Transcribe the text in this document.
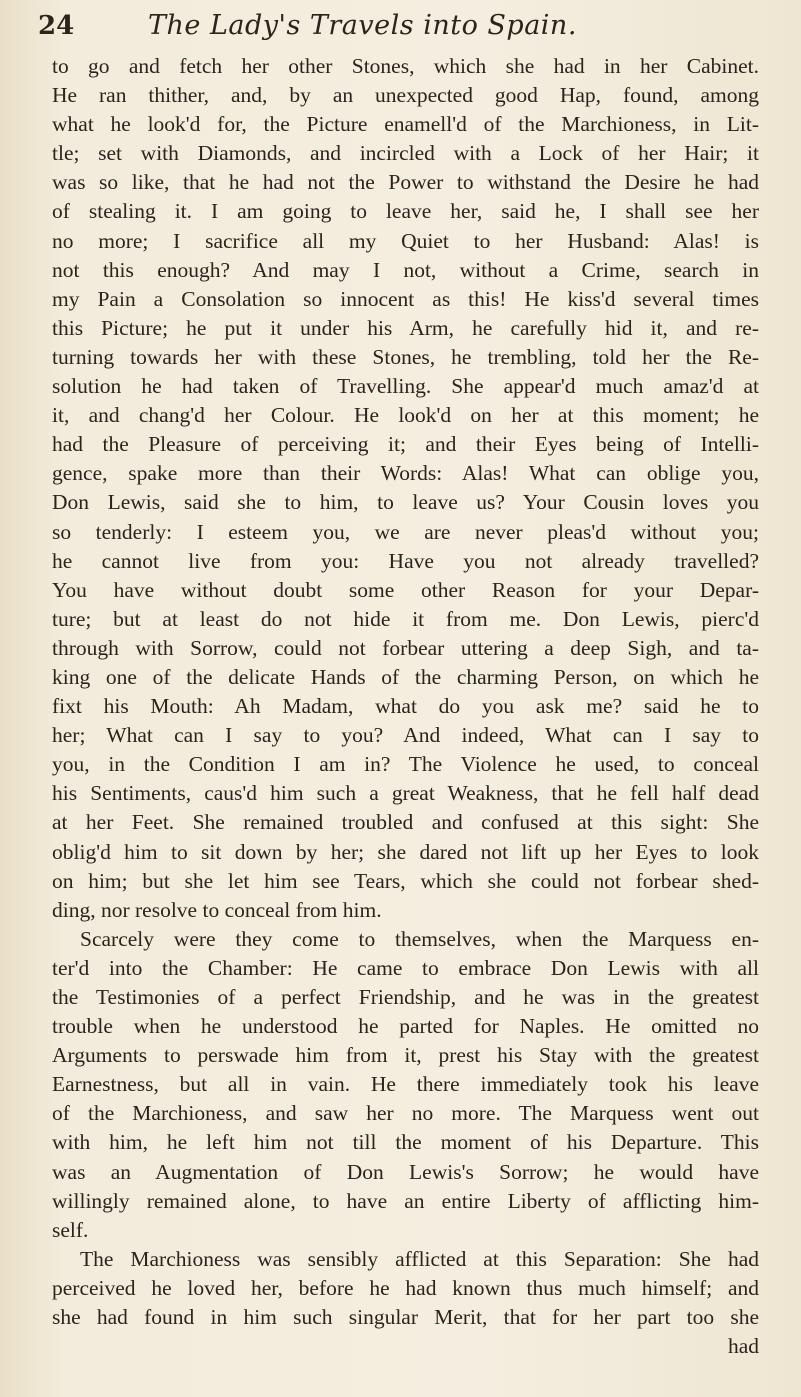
24	The Lady's Travels into Spain.
to go and fetch her other Stones, which she had in her Cabinet.
He ran thither, and, by an unexpected good Hap, found, among
what he look'd for, the Picture enamell'd of the Marchioness, in Lit-
tle; set with Diamonds, and incircled with a Lock of her Hair; it
was so like, that he had not the Power to withstand the Desire he had
of stealing it. I am going to leave her, said he, I shall see her
no more; I sacrifice all my Quiet to her Husband: Alas! is
not this enough? And may I not, without a Crime, search in
my Pain a Consolation so innocent as this! He kiss'd several times
this Picture; he put it under his Arm, he carefully hid it, and re-
turning towards her with these Stones, he trembling, told her the Re-
solution he had taken of Travelling. She appear'd much amaz'd at
it, and chang'd her Colour. He look'd on her at this moment; he
had the Pleasure of perceiving it; and their Eyes being of Intelli-
gence, spake more than their Words: Alas! What can oblige you,
Don Lewis, said she to him, to leave us? Your Cousin loves you
so tenderly: I esteem you, we are never pleas'd without you;
he cannot live from you: Have you not already travelled?
You have without doubt some other Reason for your Depar-
ture; but at least do not hide it from me. Don Lewis, pierc'd
through with Sorrow, could not forbear uttering a deep Sigh, and ta-
king one of the delicate Hands of the charming Person, on which he
fixt his Mouth: Ah Madam, what do you ask me? said he to
her; What can I say to you? And indeed, What can I say to
you, in the Condition I am in? The Violence he used, to conceal
his Sentiments, caus'd him such a great Weakness, that he fell half dead
at her Feet. She remained troubled and confused at this sight: She
oblig'd him to sit down by her; she dared not lift up her Eyes to look
on him; but she let him see Tears, which she could not forbear shed-
ding, nor resolve to conceal from him.
Scarcely were they come to themselves, when the Marquess en-
ter'd into the Chamber: He came to embrace Don Lewis with all
the Testimonies of a perfect Friendship, and he was in the greatest
trouble when he understood he parted for Naples. He omitted no
Arguments to perswade him from it, prest his Stay with the greatest
Earnestness, but all in vain. He there immediately took his leave
of the Marchioness, and saw her no more. The Marquess went out
with him, he left him not till the moment of his Departure. This
was an Augmentation of Don Lewis's Sorrow; he would have
willingly remained alone, to have an entire Liberty of afflicting him-
self.
The Marchioness was sensibly afflicted at this Separation: She had
perceived he loved her, before he had known thus much himself; and
she had found in him such singular Merit, that for her part too she
had
